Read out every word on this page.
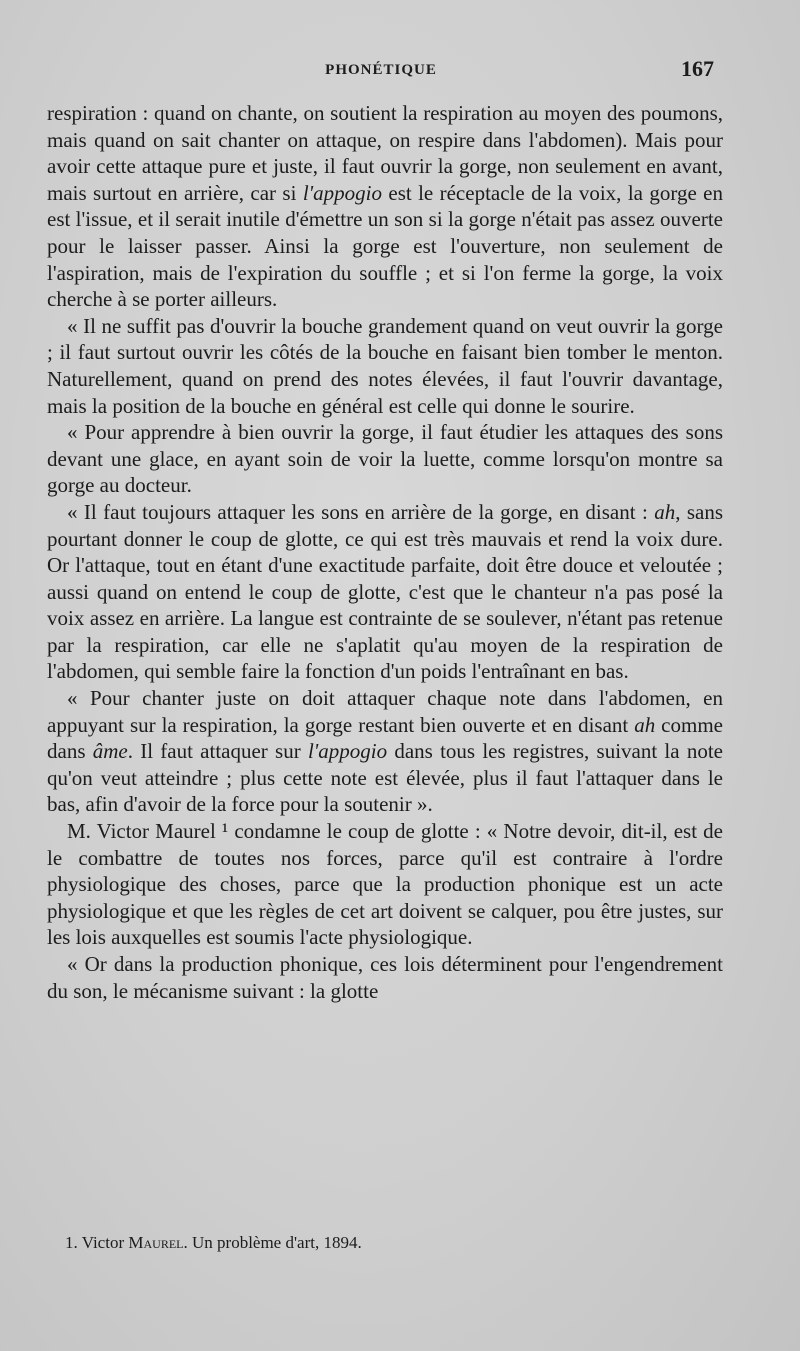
PHONÉTIQUE	167

respiration : quand on chante, on soutient la respiration au moyen des poumons, mais quand on sait chanter on attaque, on respire dans l'abdomen). Mais pour avoir cette attaque pure et juste, il faut ouvrir la gorge, non seulement en avant, mais surtout en arrière, car si l'appogio est le réceptacle de la voix, la gorge en est l'issue, et il serait inutile d'émettre un son si la gorge n'était pas assez ouverte pour le laisser passer. Ainsi la gorge est l'ouverture, non seulement de l'aspiration, mais de l'expiration du souffle ; et si l'on ferme la gorge, la voix cherche à se porter ailleurs.

« Il ne suffit pas d'ouvrir la bouche grandement quand on veut ouvrir la gorge ; il faut surtout ouvrir les côtés de la bouche en faisant bien tomber le menton. Naturellement, quand on prend des notes élevées, il faut l'ouvrir davantage, mais la position de la bouche en général est celle qui donne le sourire.

« Pour apprendre à bien ouvrir la gorge, il faut étudier les attaques des sons devant une glace, en ayant soin de voir la luette, comme lorsqu'on montre sa gorge au docteur.

« Il faut toujours attaquer les sons en arrière de la gorge, en disant : ah, sans pourtant donner le coup de glotte, ce qui est très mauvais et rend la voix dure. Or l'attaque, tout en étant d'une exactitude parfaite, doit être douce et veloutée ; aussi quand on entend le coup de glotte, c'est que le chanteur n'a pas posé la voix assez en arrière. La langue est contrainte de se soulever, n'étant pas retenue par la respiration, car elle ne s'aplatit qu'au moyen de la respiration de l'abdomen, qui semble faire la fonction d'un poids l'entraînant en bas.

« Pour chanter juste on doit attaquer chaque note dans l'abdomen, en appuyant sur la respiration, la gorge restant bien ouverte et en disant ah comme dans âme. Il faut attaquer sur l'appogio dans tous les registres, suivant la note qu'on veut atteindre ; plus cette note est élevée, plus il faut l'attaquer dans le bas, afin d'avoir de la force pour la soutenir ».

M. Victor Maurel ¹ condamne le coup de glotte : « Notre devoir, dit-il, est de le combattre de toutes nos forces, parce qu'il est contraire à l'ordre physiologique des choses, parce que la production phonique est un acte physiologique et que les règles de cet art doivent se calquer, pou être justes, sur les lois auxquelles est soumis l'acte physiologique.

« Or dans la production phonique, ces lois déterminent pour l'engendrement du son, le mécanisme suivant : la glotte

1. Victor Maurel. Un problème d'art, 1894.
